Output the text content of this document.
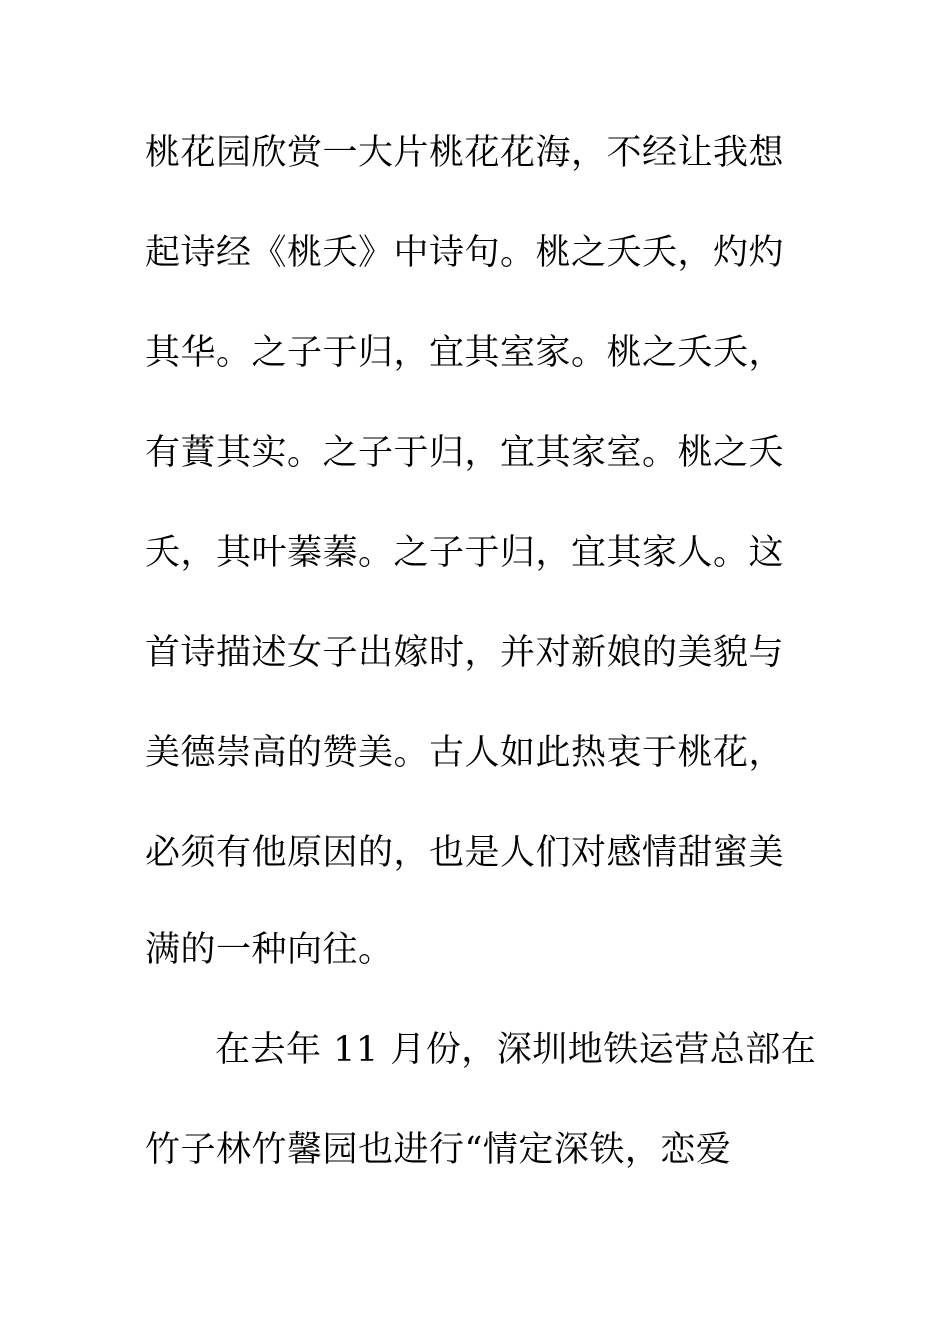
桃花园欣赏一大片桃花花海，不经让我想
起诗经《桃夭》中诗句。桃之夭夭，灼灼
其华。之子于归，宜其室家。桃之夭夭，
有蕡其实。之子于归，宜其家室。桃之夭
夭，其叶蓁蓁。之子于归，宜其家人。这
首诗描述女子出嫁时，并对新娘的美貌与
美德崇高的赞美。古人如此热衷于桃花，
必须有他原因的，也是人们对感情甜蜜美
满的一种向往。
在去年 11 月份，深圳地铁运营总部在
竹子林竹馨园也进行“情定深铁，恋爱
